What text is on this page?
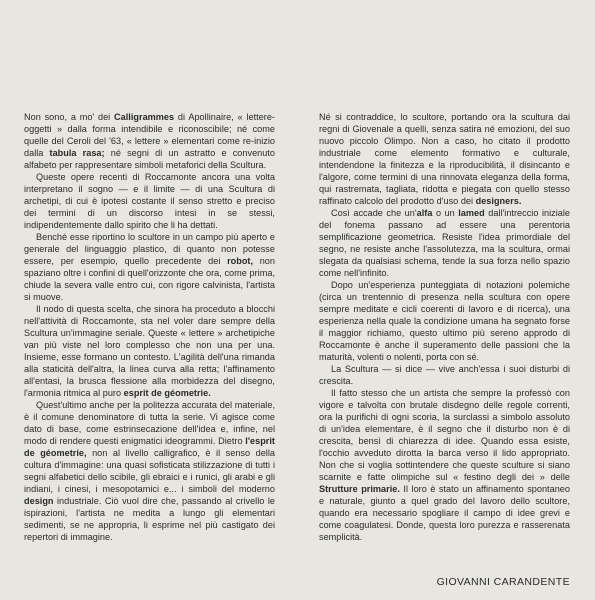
Non sono, a mo' dei Calligrammes di Apollinaire, « lettere-oggetti » dalla forma intendibile e riconoscibile; né come quelle del Ceroli del '63, « lettere » elementari come re-inizio dalla tabula rasa; né segni di un astratto e convenuto alfabeto per rappresentare simboli metaforici della Scultura.

Queste opere recenti di Roccamonte ancora una volta interpretano il sogno — e il limite — di una Scultura di archetipi, di cui è ipotesi costante il senso stretto e preciso dei termini di un discorso intesi in se stessi, indipendentemente dallo spirito che li ha dettati.

Benché esse riportino lo scultore in un campo più aperto e generale del linguaggio plastico, di quanto non potesse essere, per esempio, quello precedente dei robot, non spaziano oltre i confini di quell'orizzonte che ora, come prima, chiude la severa valle entro cui, con rigore calvinista, l'artista si muove.

Il nodo di questa scelta, che sinora ha proceduto a blocchi nell'attività di Roccamonte, sta nel voler dare sempre della Scultura un'immagine seriale. Queste « lettere » archetipiche van più viste nel loro complesso che non una per una. Insieme, esse formano un contesto. L'agilità dell'una rimanda alla staticità dell'altra, la linea curva alla retta; l'affinamento all'entasi, la brusca flessione alla morbidezza del disegno, l'armonia ritmica al puro esprit de géometrie.

Quest'ultimo anche per la politezza accurata del materiale, è il comune denominatore di tutta la serie. Vi agisce come dato di base, come estrinsecazione dell'idea e, infine, nel modo di rendere questi enigmatici ideogrammi. Dietro l'esprit de géometrie, non al livello calligrafico, è il senso della cultura d'immagine: una quasi sofisticata stilizzazione di tutti i segni alfabetici dello scibile, gli ebraici e i runici, gli arabi e gli indiani, i cinesi, i mesopotamici e... i simboli del moderno design industriale. Ciò vuol dire che, passando al crivello le ispirazioni, l'artista ne medita a lungo gli elementari sedimenti, se ne appropria, li esprime nel più castigato dei repertori di immagine.

Né si contraddice, lo scultore, portando ora la scultura dai regni di Giovenale a quelli, senza satira né emozioni, del suo nuovo piccolo Olimpo. Non a caso, ho citato il prodotto industriale come elemento formativo e culturale, intendendone la finitezza e la riproducibilità, il disincanto e l'algore, come termini di una rinnovata eleganza della forma, qui rastremata, tagliata, ridotta e piegata con quello stesso raffinato calcolo del prodotto d'uso dei designers.

Così accade che un'alfa o un lamed dall'intreccio iniziale del fonema passano ad essere una perentoria semplificazione geometrica. Resiste l'idea primordiale del segno, ne resiste anche l'assolutezza, ma la scultura, ormai slegata da qualsiasi schema, tende la sua forza nello spazio come nell'infinito.

Dopo un'esperienza punteggiata di notazioni polemiche (circa un trentennio di presenza nella scultura con opere sempre meditate e cicli coerenti di lavoro e di ricerca), una esperienza nella quale la condizione umana ha segnato forse il maggior richiamo, questo ultimo più sereno approdo di Roccamonte è anche il superamento delle passioni che la maturità, volenti o nolenti, porta con sé.

La Scultura — si dice — vive anch'essa i suoi disturbi di crescita.

Il fatto stesso che un artista che sempre la professò con vigore e talvolta con brutale disdegno delle regole correnti, ora la purifichi di ogni scoria, la surclassi a simbolo assoluto di un'idea elementare, è il segno che il disturbo non è di crescita, bensì di chiarezza di idee. Quando essa esiste, l'occhio avveduto dirotta la barca verso il lido appropriato. Non che si voglia sottintendere che queste sculture si siano scarnite e fatte olimpiche sul « festino degli dei » delle Strutture primarie. Il loro è stato un affinamento spontaneo e naturale, giunto a quel grado del lavoro dello scultore, quando era necessario spogliare il campo di idee grevi e come coagulatesi. Donde, questa loro purezza e rasserenata semplicità.

GIOVANNI CARANDENTE
